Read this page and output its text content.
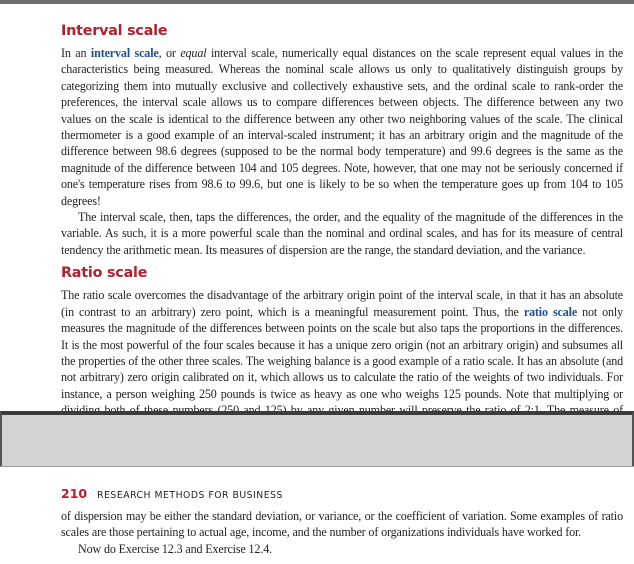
Interval scale

In an interval scale, or equal interval scale, numerically equal distances on the scale represent equal values in the characteristics being measured. Whereas the nominal scale allows us only to qualitatively distinguish groups by categorizing them into mutually exclusive and collectively exhaustive sets, and the ordinal scale to rank-order the preferences, the interval scale allows us to compare differences between objects. The difference between any two values on the scale is identical to the difference between any other two neighboring values of the scale. The clinical thermometer is a good example of an interval-scaled instrument; it has an arbitrary origin and the magnitude of the difference between 98.6 degrees (supposed to be the normal body temperature) and 99.6 degrees is the same as the magnitude of the difference between 104 and 105 degrees. Note, however, that one may not be seriously concerned if one's temperature rises from 98.6 to 99.6, but one is likely to be so when the temperature goes up from 104 to 105 degrees!

The interval scale, then, taps the differences, the order, and the equality of the magnitude of the differences in the variable. As such, it is a more powerful scale than the nominal and ordinal scales, and has for its measure of central tendency the arithmetic mean. Its measures of dispersion are the range, the standard deviation, and the variance.

Ratio scale

The ratio scale overcomes the disadvantage of the arbitrary origin point of the interval scale, in that it has an absolute (in contrast to an arbitrary) zero point, which is a meaningful measurement point. Thus, the ratio scale not only measures the magnitude of the differences between points on the scale but also taps the proportions in the differences. It is the most powerful of the four scales because it has a unique zero origin (not an arbitrary origin) and subsumes all the properties of the other three scales. The weighing balance is a good example of a ratio scale. It has an absolute (and not arbitrary) zero origin calibrated on it, which allows us to calculate the ratio of the weights of two individuals. For instance, a person weighing 250 pounds is twice as heavy as one who weighs 125 pounds. Note that multiplying or

210 RESEARCH METHODS FOR BUSINESS

of dispersion may be either the standard deviation, or variance, or the coefficient of variation. Some examples of ratio scales are those pertaining to actual age, income, and the number of organizations individuals have worked for.

Now do Exercise 12.3 and Exercise 12.4.
